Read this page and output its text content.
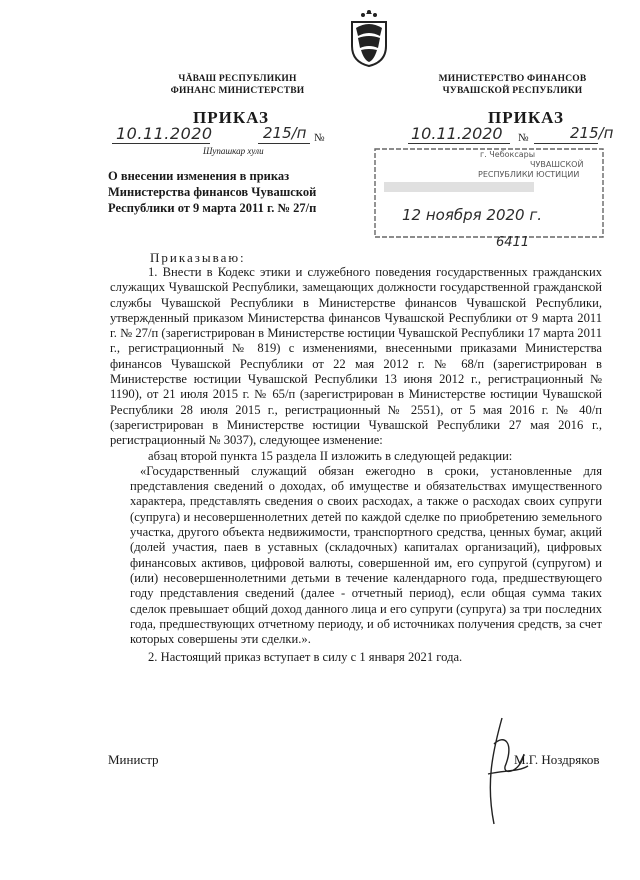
ЧĂВАШ РЕСПУБЛИКИН
ФИНАНС МИНИСТЕРСТВИ
МИНИСТЕРСТВО ФИНАНСОВ
ЧУВАШСКОЙ РЕСПУБЛИКИ
ПРИКАЗ	ПРИКАЗ
10.11.2020	215/п №
Шупашкар хули
10.11.2020 №	215/п
г. Чебоксары
ЧУВАШСКОЙ
РЕСПУБЛИКИ ЮСТИЦИИ
12 ноября 2020 г.
6411
О внесении изменения в приказ Министерства финансов Чувашской Республики от 9 марта 2011 г. № 27/п
Приказываю:

1. Внести в Кодекс этики и служебного поведения государственных гражданских служащих Чувашской Республики, замещающих должности государственной гражданской службы Чувашской Республики в Министерстве финансов Чувашской Республики, утвержденный приказом Министерства финансов Чувашской Республики от 9 марта 2011 г. № 27/п (зарегистрирован в Министерстве юстиции Чувашской Республики 17 марта 2011 г., регистрационный № 819) с изменениями, внесенными приказами Министерства финансов Чувашской Республики от 22 мая 2012 г. № 68/п (зарегистрирован в Министерстве юстиции Чувашской Республики 13 июня 2012 г., регистрационный № 1190), от 21 июля 2015 г. № 65/п (зарегистрирован в Министерстве юстиции Чувашской Республики 28 июля 2015 г., регистрационный № 2551), от 5 мая 2016 г. № 40/п (зарегистрирован в Министерстве юстиции Чувашской Республики 27 мая 2016 г., регистрационный № 3037), следующее изменение:

абзац второй пункта 15 раздела II изложить в следующей редакции:

«Государственный служащий обязан ежегодно в сроки, установленные для представления сведений о доходах, об имуществе и обязательствах имущественного характера, представлять сведения о своих расходах, а также о расходах своих супруги (супруга) и несовершеннолетних детей по каждой сделке по приобретению земельного участка, другого объекта недвижимости, транспортного средства, ценных бумаг, акций (долей участия, паев в уставных (складочных) капиталах организаций), цифровых финансовых активов, цифровой валюты, совершенной им, его супругой (супругом) и (или) несовершеннолетними детьми в течение календарного года, предшествующего году представления сведений (далее - отчетный период), если общая сумма таких сделок превышает общий доход данного лица и его супруги (супруга) за три последних года, предшествующих отчетному периоду, и об источниках получения средств, за счет которых совершены эти сделки.».

2. Настоящий приказ вступает в силу с 1 января 2021 года.

Министр	М.Г. Ноздряков
